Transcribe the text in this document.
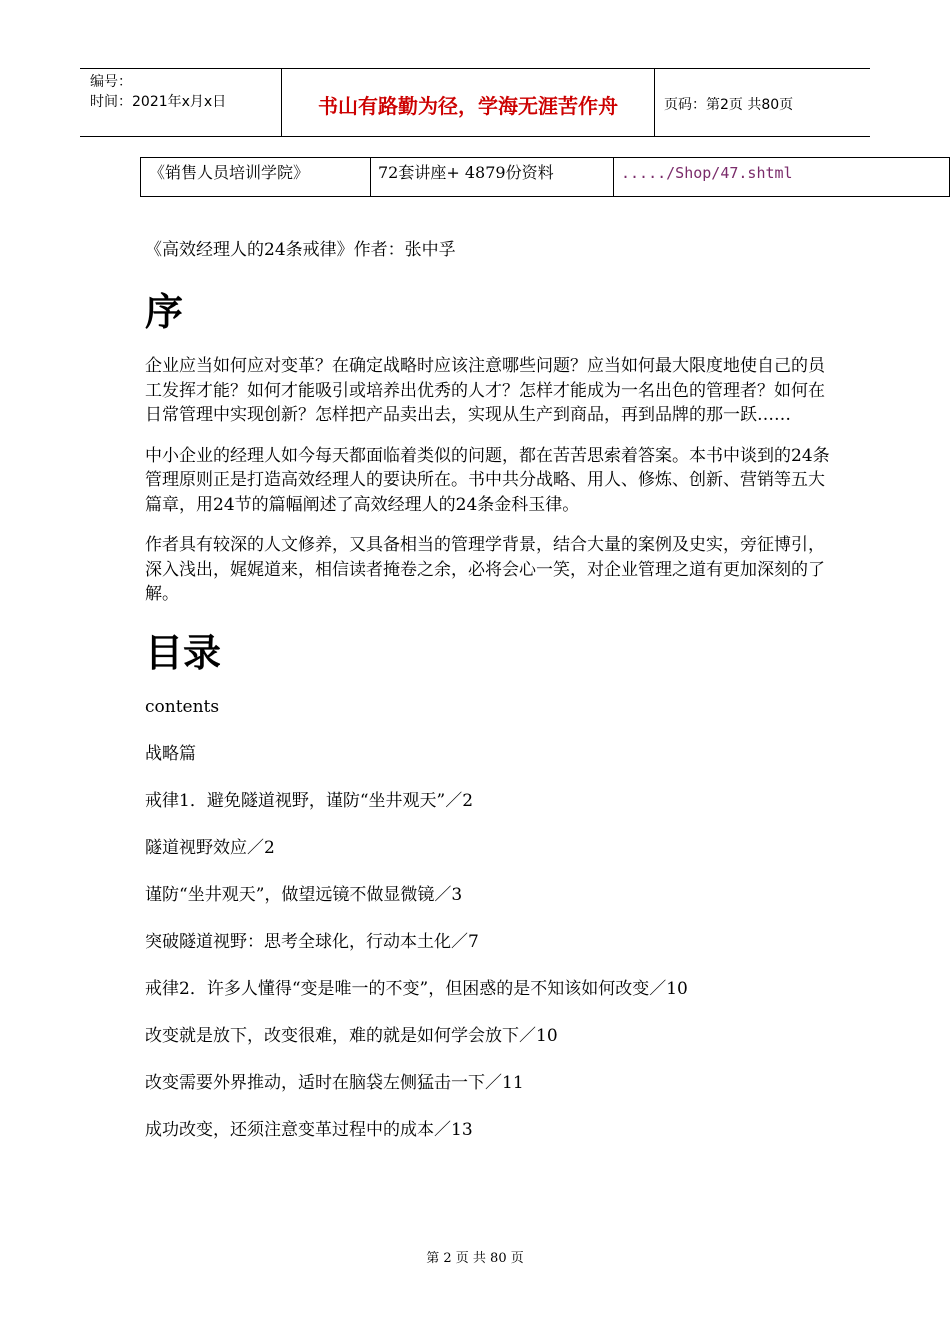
编号：
时间：2021年x月x日	书山有路勤为径，学海无涯苦作舟	页码：第2页 共80页
《销售人员培训学院》	72套讲座+ 4879份资料	...../Shop/47.shtml

《高效经理人的24条戒律》作者：张中孚

序

企业应当如何应对变革？在确定战略时应该注意哪些问题？应当如何最大限度地使自己的员工发挥才能？如何才能吸引或培养出优秀的人才？怎样才能成为一名出色的管理者？如何在日常管理中实现创新？怎样把产品卖出去，实现从生产到商品，再到品牌的那一跃……

中小企业的经理人如今每天都面临着类似的问题，都在苦苦思索着答案。本书中谈到的24条管理原则正是打造高效经理人的要诀所在。书中共分战略、用人、修炼、创新、营销等五大篇章，用24节的篇幅阐述了高效经理人的24条金科玉律。

作者具有较深的人文修养，又具备相当的管理学背景，结合大量的案例及史实，旁征博引，深入浅出，娓娓道来，相信读者掩卷之余，必将会心一笑，对企业管理之道有更加深刻的了解。

目录

contents

战略篇

戒律1．避免隧道视野，谨防“坐井观天”／2

隧道视野效应／2

谨防“坐井观天”，做望远镜不做显微镜／3

突破隧道视野：思考全球化，行动本土化／7

戒律2．许多人懂得“变是唯一的不变”，但困惑的是不知该如何改变／10

改变就是放下，改变很难，难的就是如何学会放下／10

改变需要外界推动，适时在脑袋左侧猛击一下／11

成功改变，还须注意变革过程中的成本／13

第 2 页 共 80 页
